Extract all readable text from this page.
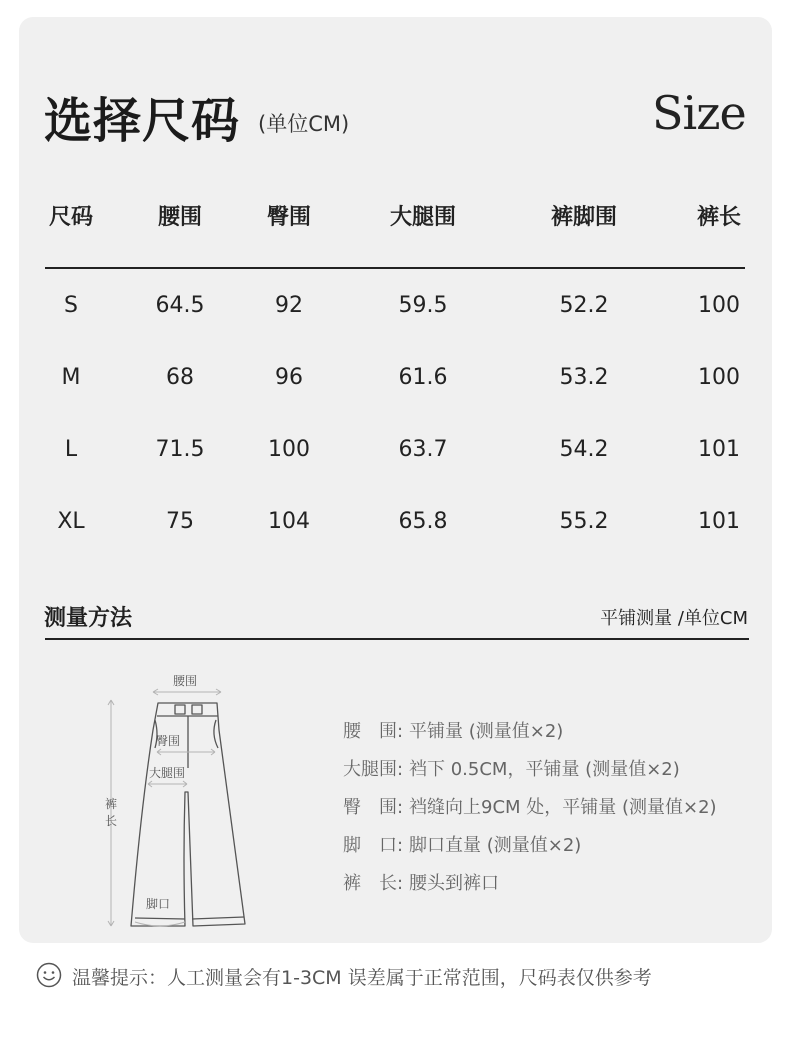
选择尺码 (单位CM)	Size
尺码	腰围	臀围	大腿围	裤脚围	裤长
S	64.5	92	59.5	52.2	100
M	68	96	61.6	53.2	100
L	71.5	100	63.7	54.2	101
XL	75	104	65.8	55.2	101
测量方法	平铺测量 /单位CM
腰围
臀围
大腿围
裤
长
脚口
腰　围: 平铺量 (测量值×2)
大腿围: 裆下 0.5CM，平铺量 (测量值×2)
臀　围: 裆缝向上9CM 处，平铺量 (测量值×2)
脚　口: 脚口直量 (测量值×2)
裤　长: 腰头到裤口
温馨提示：人工测量会有1-3CM 误差属于正常范围，尺码表仅供参考
